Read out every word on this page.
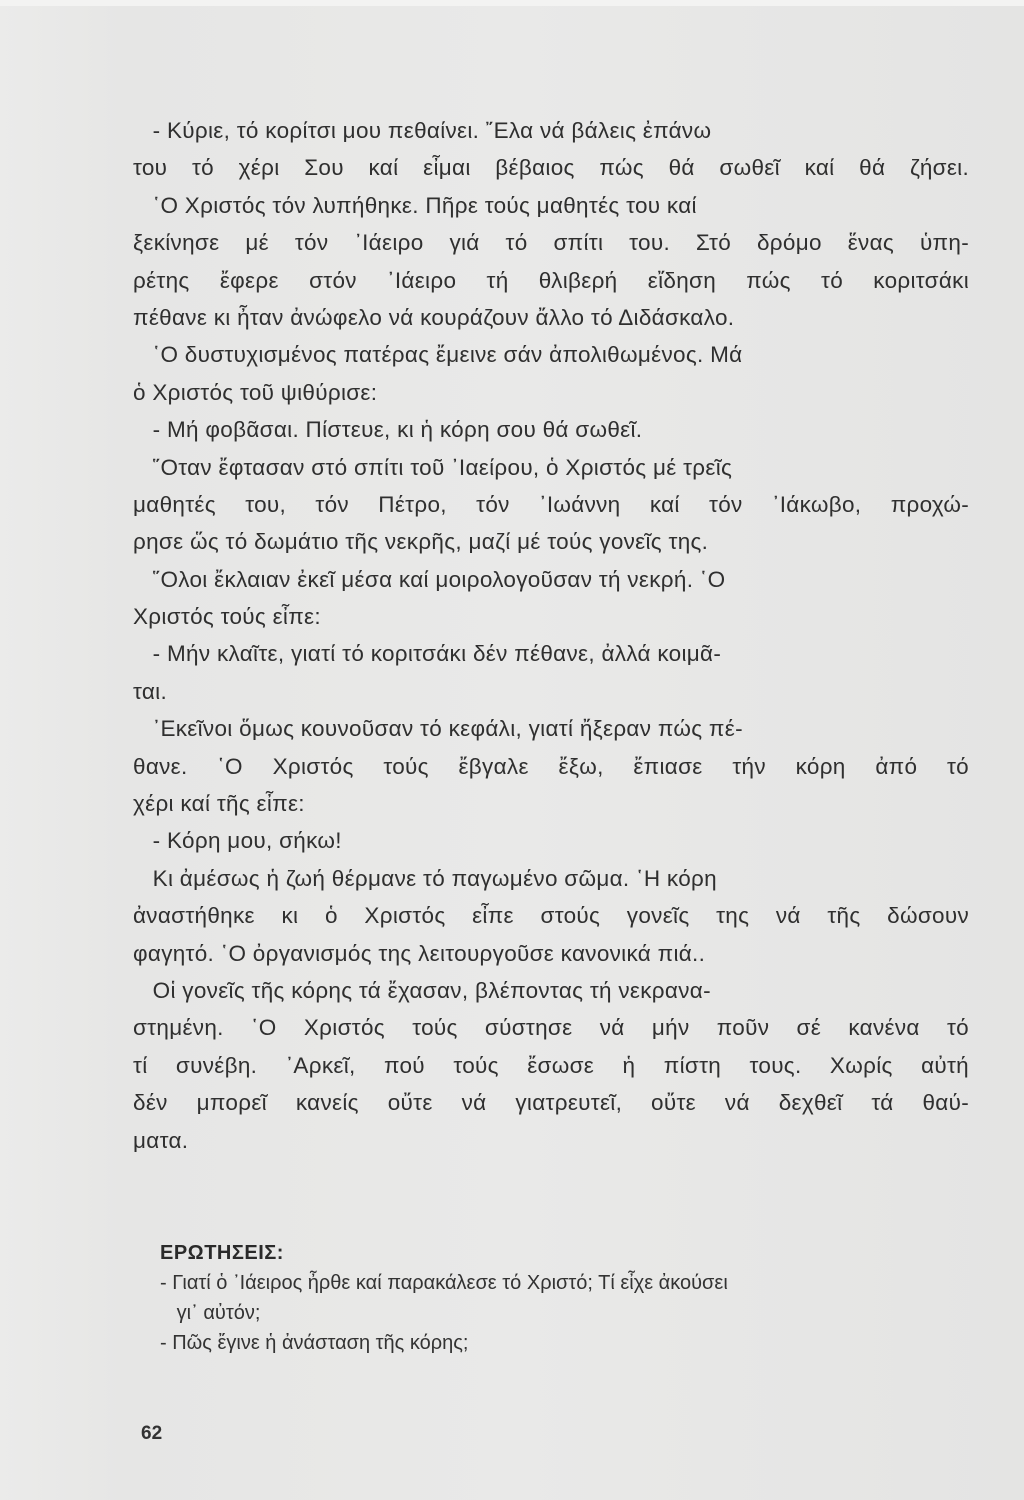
- Κύριε, τό κορίτσι μου πεθαίνει. ῎Ελα νά βάλεις ἐπάνω
του τό χέρι Σου καί εἶμαι βέβαιος πώς θά σωθεῖ καί θά ζήσει.
῾Ο Χριστός τόν λυπήθηκε. Πῆρε τούς μαθητές του καί
ξεκίνησε μέ τόν ᾽Ιάειρο γιά τό σπίτι του. Στό δρόμο ἕνας ὑπη-
ρέτης ἔφερε στόν ᾽Ιάειρο τή θλιβερή εἴδηση πώς τό κοριτσάκι
πέθανε κι ἦταν ἀνώφελο νά κουράζουν ἄλλο τό Διδάσκαλο.
῾Ο δυστυχισμένος πατέρας ἔμεινε σάν ἀπολιθωμένος. Μά
ὁ Χριστός τοῦ ψιθύρισε:
- Μή φοβᾶσαι. Πίστευε, κι ἡ κόρη σου θά σωθεῖ.
῞Οταν ἔφτασαν στό σπίτι τοῦ ᾽Ιαείρου, ὁ Χριστός μέ τρεῖς
μαθητές του, τόν Πέτρο, τόν ᾽Ιωάννη καί τόν ᾽Ιάκωβο, προχώ-
ρησε ὥς τό δωμάτιο τῆς νεκρῆς, μαζί μέ τούς γονεῖς της.
῞Ολοι ἔκλαιαν ἐκεῖ μέσα καί μοιρολογοῦσαν τή νεκρή. ῾Ο
Χριστός τούς εἶπε:
- Μήν κλαῖτε, γιατί τό κοριτσάκι δέν πέθανε, ἀλλά κοιμᾶ-
ται.
᾽Εκεῖνοι ὅμως κουνοῦσαν τό κεφάλι, γιατί ἤξεραν πώς πέ-
θανε. ῾Ο Χριστός τούς ἔβγαλε ἔξω, ἔπιασε τήν κόρη ἀπό τό
χέρι καί τῆς εἶπε:
- Κόρη μου, σήκω!
Κι ἀμέσως ἡ ζωή θέρμανε τό παγωμένο σῶμα. ῾Η κόρη
ἀναστήθηκε κι ὁ Χριστός εἶπε στούς γονεῖς της νά τῆς δώσουν
φαγητό. ῾Ο ὀργανισμός της λειτουργοῦσε κανονικά πιά..
Οἱ γονεῖς τῆς κόρης τά ἔχασαν, βλέποντας τή νεκρανα-
στημένη. ῾Ο Χριστός τούς σύστησε νά μήν ποῦν σέ κανένα τό
τί συνέβη. ᾽Αρκεῖ, πού τούς ἔσωσε ἡ πίστη τους. Χωρίς αὐτή
δέν μπορεῖ κανείς οὔτε νά γιατρευτεῖ, οὔτε νά δεχθεῖ τά θαύ-
ματα.
ΕΡΩΤΗΣΕΙΣ:
- Γιατί ὁ ᾽Ιάειρος ἦρθε καί παρακάλεσε τό Χριστό; Τί εἶχε ἀκούσει
γι᾽ αὐτόν;
- Πῶς ἔγινε ἡ ἀνάσταση τῆς κόρης;
62
